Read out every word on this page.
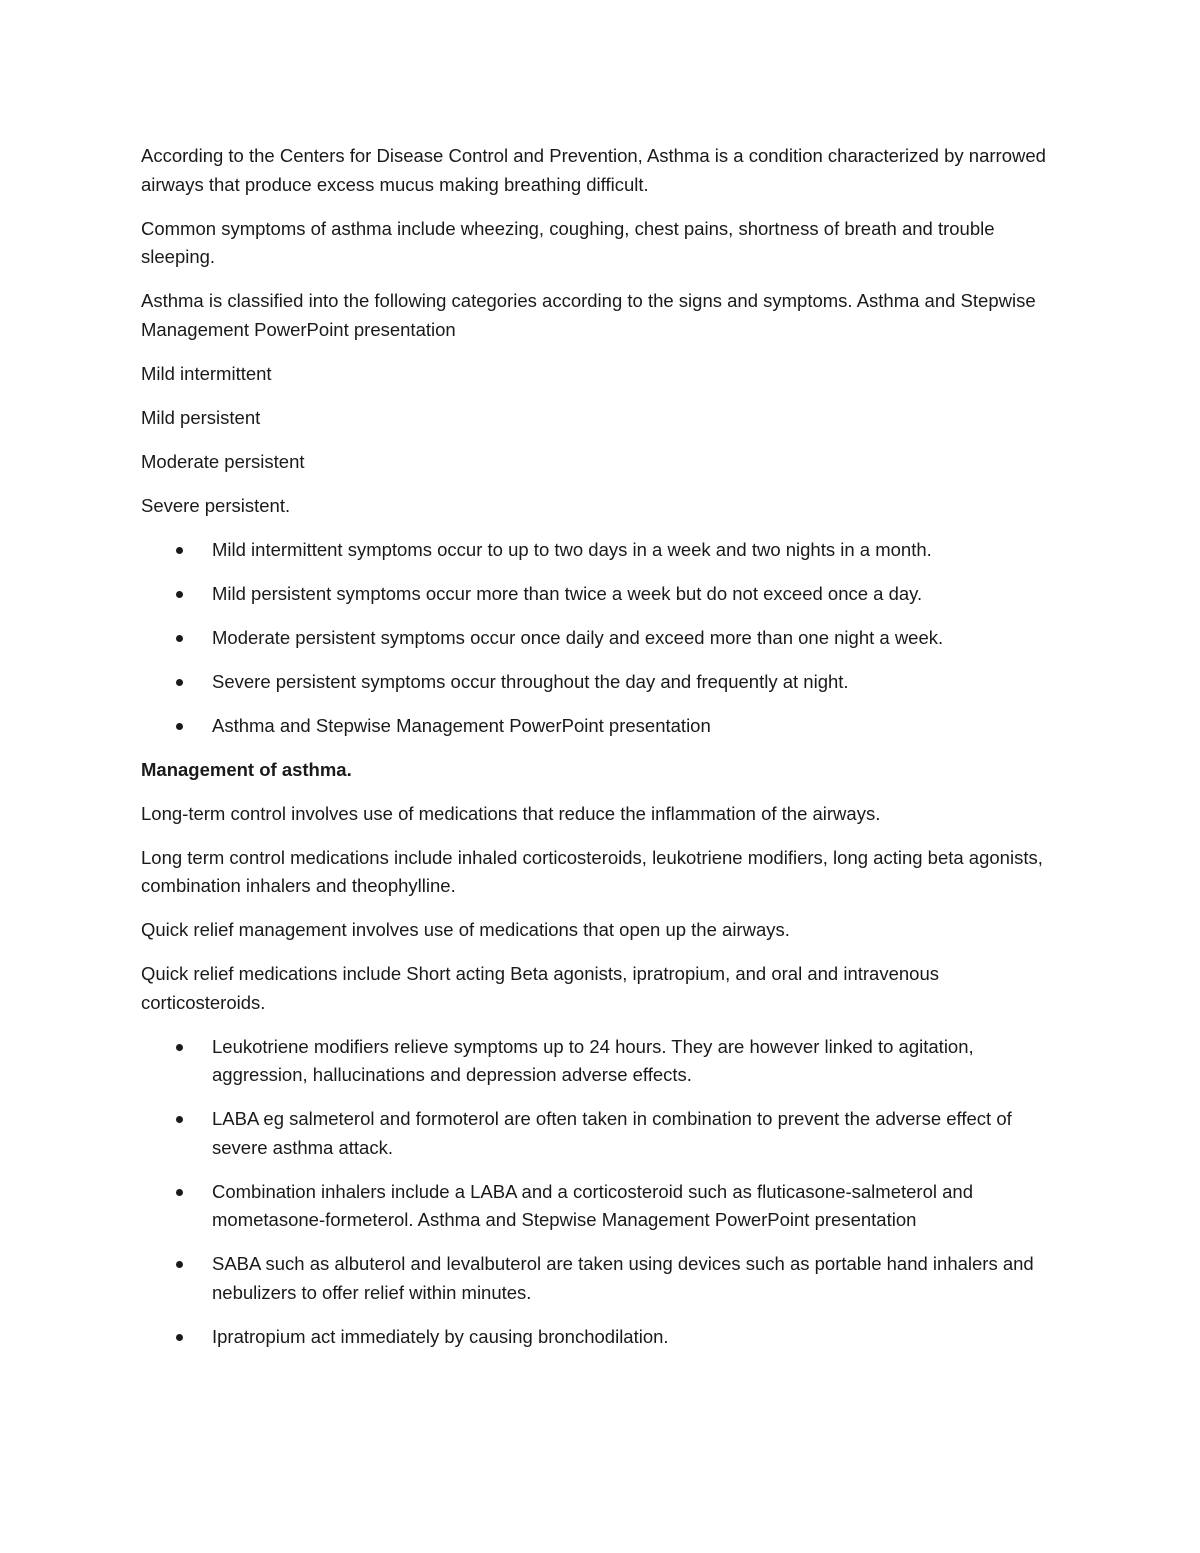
According to the Centers for Disease Control and Prevention, Asthma is a condition characterized by narrowed airways that produce excess mucus making breathing difficult.

Common symptoms of asthma include wheezing, coughing, chest pains, shortness of breath and trouble sleeping.

Asthma is classified into the following categories according to the signs and symptoms. Asthma and Stepwise Management PowerPoint presentation

Mild intermittent

Mild persistent

Moderate persistent

Severe persistent.

Mild intermittent symptoms occur to up to two days in a week and two nights in a month.
Mild persistent symptoms occur more than twice a week but do not exceed once a day.
Moderate persistent symptoms occur once daily and exceed more than one night a week.
Severe persistent symptoms occur throughout the day and frequently at night.
Asthma and Stepwise Management PowerPoint presentation

Management of asthma.

Long-term control involves use of medications that reduce the inflammation of the airways.

Long term control medications include inhaled corticosteroids, leukotriene modifiers, long acting beta agonists, combination inhalers and theophylline.

Quick relief management involves use of medications that open up the airways.

Quick relief medications include Short acting Beta agonists, ipratropium, and oral and intravenous corticosteroids.

Leukotriene modifiers relieve symptoms up to 24 hours. They are however linked to agitation, aggression, hallucinations and depression adverse effects.
LABA eg salmeterol and formoterol are often taken in combination to prevent the adverse effect of severe asthma attack.
Combination inhalers include a LABA and a corticosteroid such as fluticasone-salmeterol and mometasone-formeterol. Asthma and Stepwise Management PowerPoint presentation
SABA such as albuterol and levalbuterol are taken using devices such as portable hand inhalers and nebulizers to offer relief within minutes.
Ipratropium act immediately by causing bronchodilation.
